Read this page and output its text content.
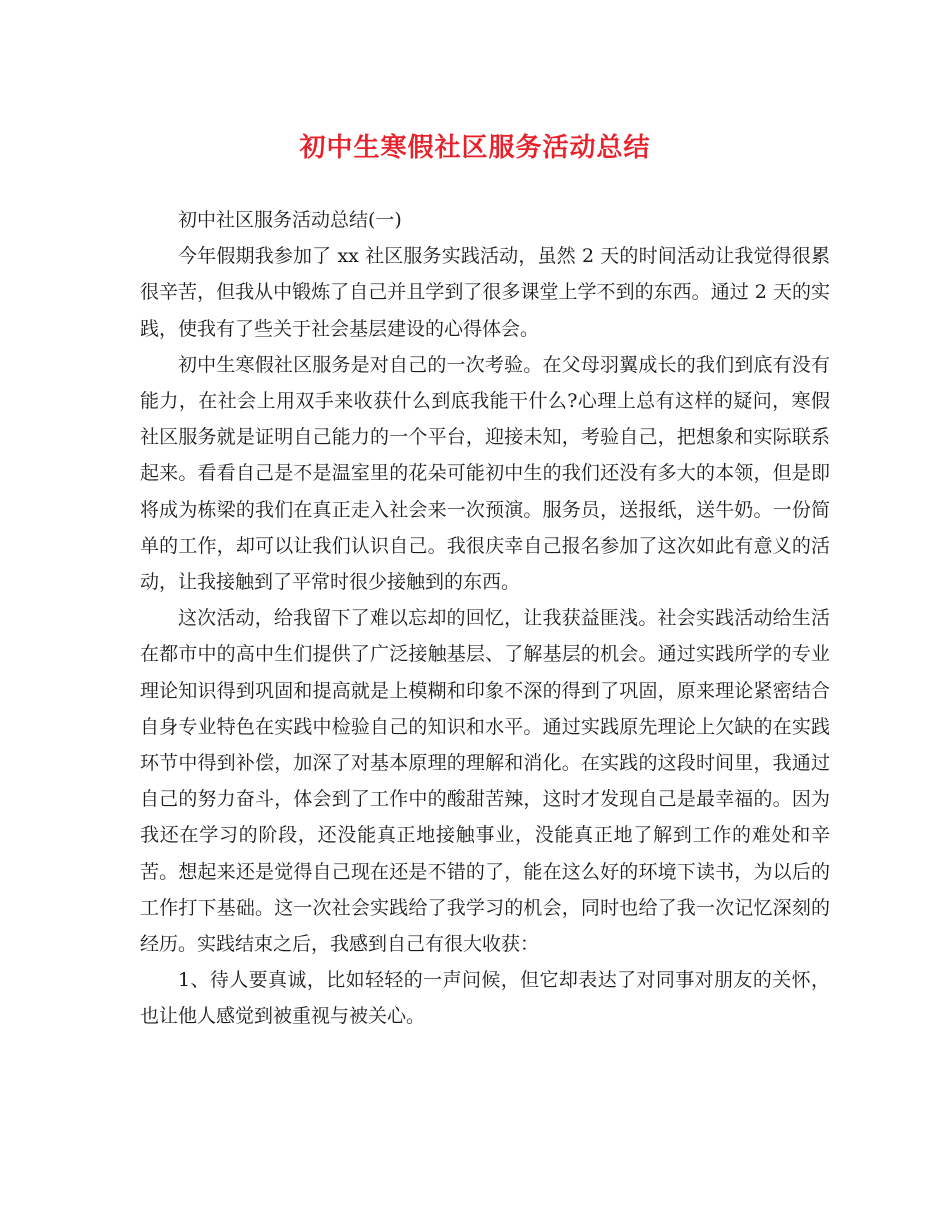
初中生寒假社区服务活动总结

初中社区服务活动总结(一)

今年假期我参加了 xx 社区服务实践活动，虽然 2 天的时间活动让我觉得很累很辛苦，但我从中锻炼了自己并且学到了很多课堂上学不到的东西。通过 2 天的实践，使我有了些关于社会基层建设的心得体会。

初中生寒假社区服务是对自己的一次考验。在父母羽翼成长的我们到底有没有能力，在社会上用双手来收获什么到底我能干什么?心理上总有这样的疑问，寒假社区服务就是证明自己能力的一个平台，迎接未知，考验自己，把想象和实际联系起来。看看自己是不是温室里的花朵可能初中生的我们还没有多大的本领，但是即将成为栋梁的我们在真正走入社会来一次预演。服务员，送报纸，送牛奶。一份简单的工作，却可以让我们认识自己。我很庆幸自己报名参加了这次如此有意义的活动，让我接触到了平常时很少接触到的东西。

这次活动，给我留下了难以忘却的回忆，让我获益匪浅。社会实践活动给生活在都市中的高中生们提供了广泛接触基层、了解基层的机会。通过实践所学的专业理论知识得到巩固和提高就是上模糊和印象不深的得到了巩固，原来理论紧密结合自身专业特色在实践中检验自己的知识和水平。通过实践原先理论上欠缺的在实践环节中得到补偿，加深了对基本原理的理解和消化。在实践的这段时间里，我通过自己的努力奋斗，体会到了工作中的酸甜苦辣，这时才发现自己是最幸福的。因为我还在学习的阶段，还没能真正地接触事业，没能真正地了解到工作的难处和辛苦。想起来还是觉得自己现在还是不错的了，能在这么好的环境下读书，为以后的工作打下基础。这一次社会实践给了我学习的机会，同时也给了我一次记忆深刻的经历。实践结束之后，我感到自己有很大收获：

1、待人要真诚，比如轻轻的一声问候，但它却表达了对同事对朋友的关怀，也让他人感觉到被重视与被关心。
